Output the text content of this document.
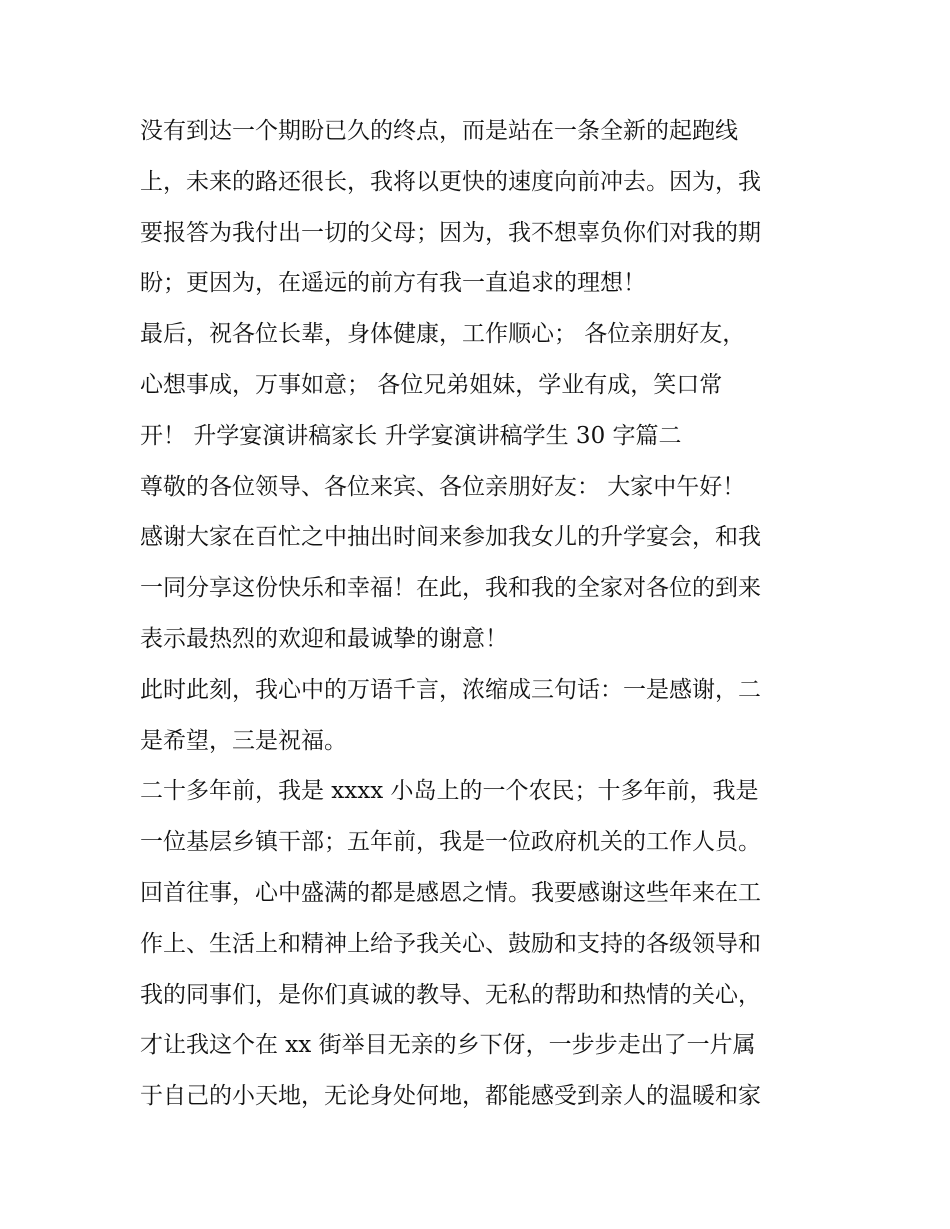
没有到达一个期盼已久的终点，而是站在一条全新的起跑线
上，未来的路还很长，我将以更快的速度向前冲去。因为，我
要报答为我付出一切的父母；因为，我不想辜负你们对我的期
盼；更因为，在遥远的前方有我一直追求的理想！
最后，祝各位长辈，身体健康，工作顺心； 各位亲朋好友，
心想事成，万事如意； 各位兄弟姐妹，学业有成，笑口常
开！ 升学宴演讲稿家长 升学宴演讲稿学生 30 字篇二
尊敬的各位领导、各位来宾、各位亲朋好友： 大家中午好！
感谢大家在百忙之中抽出时间来参加我女儿的升学宴会，和我
一同分享这份快乐和幸福！在此，我和我的全家对各位的到来
表示最热烈的欢迎和最诚挚的谢意！
此时此刻，我心中的万语千言，浓缩成三句话：一是感谢，二
是希望，三是祝福。
二十多年前，我是 xxxx 小岛上的一个农民；十多年前，我是
一位基层乡镇干部；五年前，我是一位政府机关的工作人员。
回首往事，心中盛满的都是感恩之情。我要感谢这些年来在工
作上、生活上和精神上给予我关心、鼓励和支持的各级领导和
我的同事们，是你们真诚的教导、无私的帮助和热情的关心，
才让我这个在 xx 街举目无亲的乡下伢，一步步走出了一片属
于自己的小天地，无论身处何地，都能感受到亲人的温暖和家
